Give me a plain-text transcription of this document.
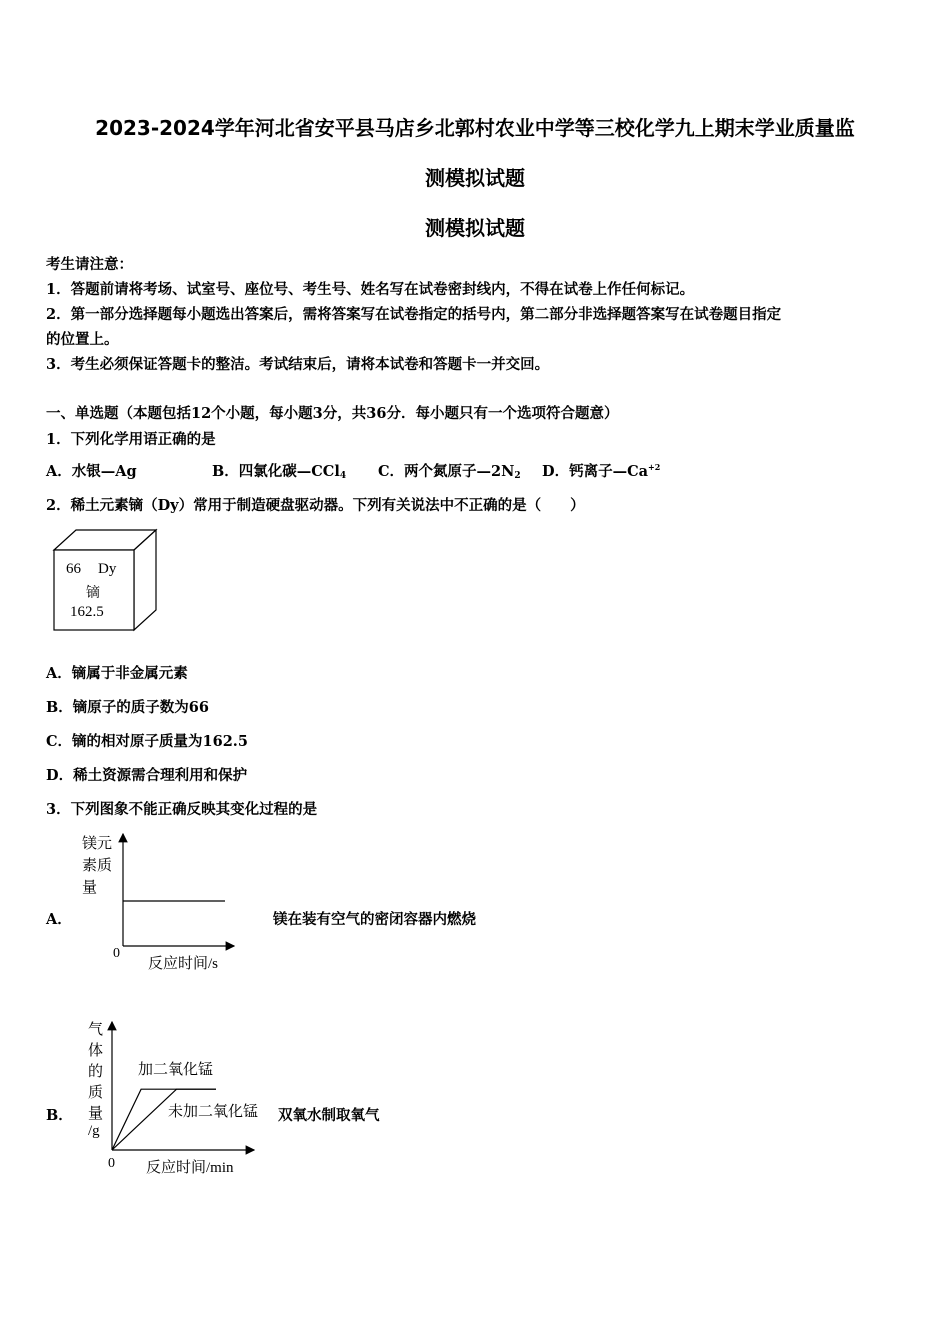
2023-2024学年河北省安平县马店乡北郭村农业中学等三校化学九上期末学业质量监
测模拟试题
测模拟试题
考生请注意：
1．答题前请将考场、试室号、座位号、考生号、姓名写在试卷密封线内，不得在试卷上作任何标记。
2．第一部分选择题每小题选出答案后，需将答案写在试卷指定的括号内，第二部分非选择题答案写在试卷题目指定
的位置上。
3．考生必须保证答题卡的整洁。考试结束后，请将本试卷和答题卡一并交回。
一、单选题（本题包括12个小题，每小题3分，共36分．每小题只有一个选项符合题意）
1．下列化学用语正确的是
A．水银—Ag	B．四氯化碳—CCl$_4$ C．两个氮原子$—2N_2$ D．钙离子$—Ca^{+2}$
2．稀土元素镝（Dy）常用于制造硬盘驱动器。下列有关说法中不正确的是（　　）
66 Dy
镝
162.5
A．镝属于非金属元素
B．镝原子的质子数为66
C．镝的相对原子质量为162.5
D．稀土资源需合理利用和保护
3．下列图象不能正确反映其变化过程的是
A．
镁元
素质
量
0
反应时间/s
镁在装有空气的密闭容器内燃烧
B．
气
体
的
质
量
/g
0 反应时间/min
加二氧化锰
未加二氧化锰 双氧水制取氧气
